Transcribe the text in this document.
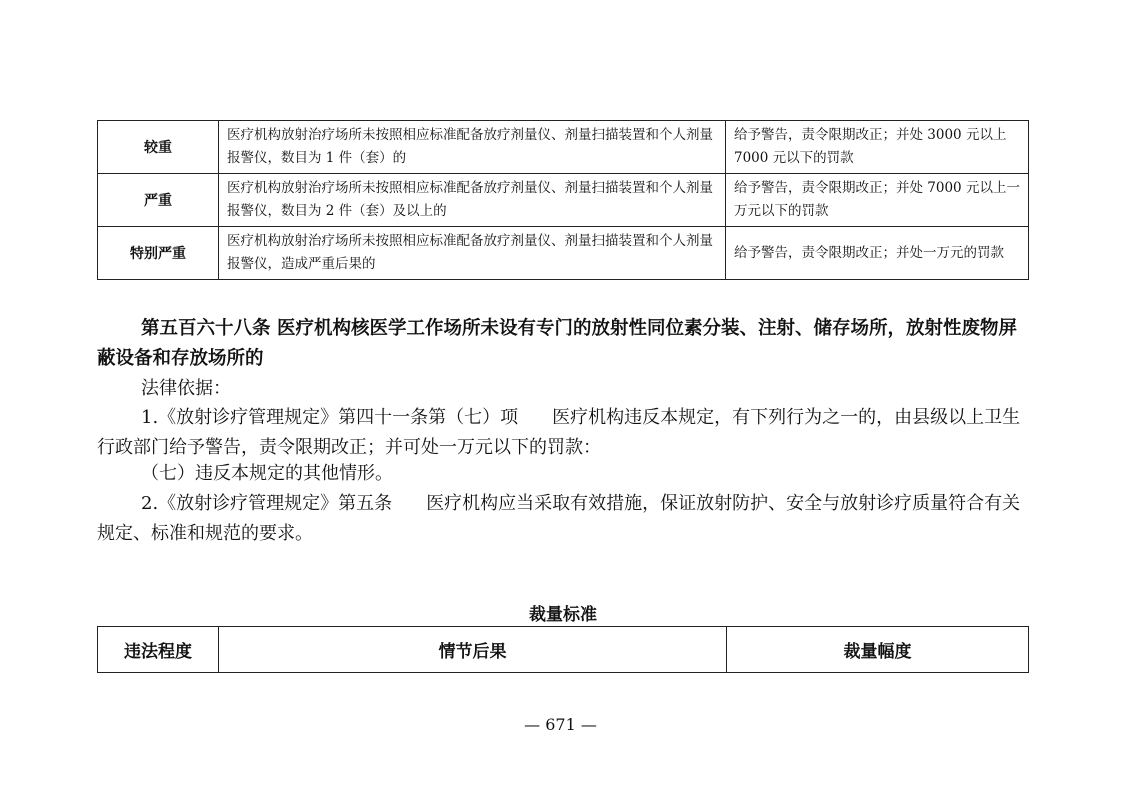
较重	医疗机构放射治疗场所未按照相应标准配备放疗剂量仪、剂量扫描装置和个人剂量报警仪，数目为 1 件（套）的	给予警告，责令限期改正；并处 3000 元以上 7000 元以下的罚款
严重	医疗机构放射治疗场所未按照相应标准配备放疗剂量仪、剂量扫描装置和个人剂量报警仪，数目为 2 件（套）及以上的	给予警告，责令限期改正；并处 7000 元以上一万元以下的罚款
特别严重	医疗机构放射治疗场所未按照相应标准配备放疗剂量仪、剂量扫描装置和个人剂量报警仪，造成严重后果的	给予警告，责令限期改正；并处一万元的罚款
第五百六十八条 医疗机构核医学工作场所未设有专门的放射性同位素分装、注射、储存场所，放射性废物屏蔽设备和存放场所的
法律依据：
1.《放射诊疗管理规定》第四十一条第（七）项 医疗机构违反本规定，有下列行为之一的，由县级以上卫生行政部门给予警告，责令限期改正；并可处一万元以下的罚款：
（七）违反本规定的其他情形。
2.《放射诊疗管理规定》第五条 医疗机构应当采取有效措施，保证放射防护、安全与放射诊疗质量符合有关规定、标准和规范的要求。
裁量标准
违法程度	情节后果	裁量幅度
— 671 —
